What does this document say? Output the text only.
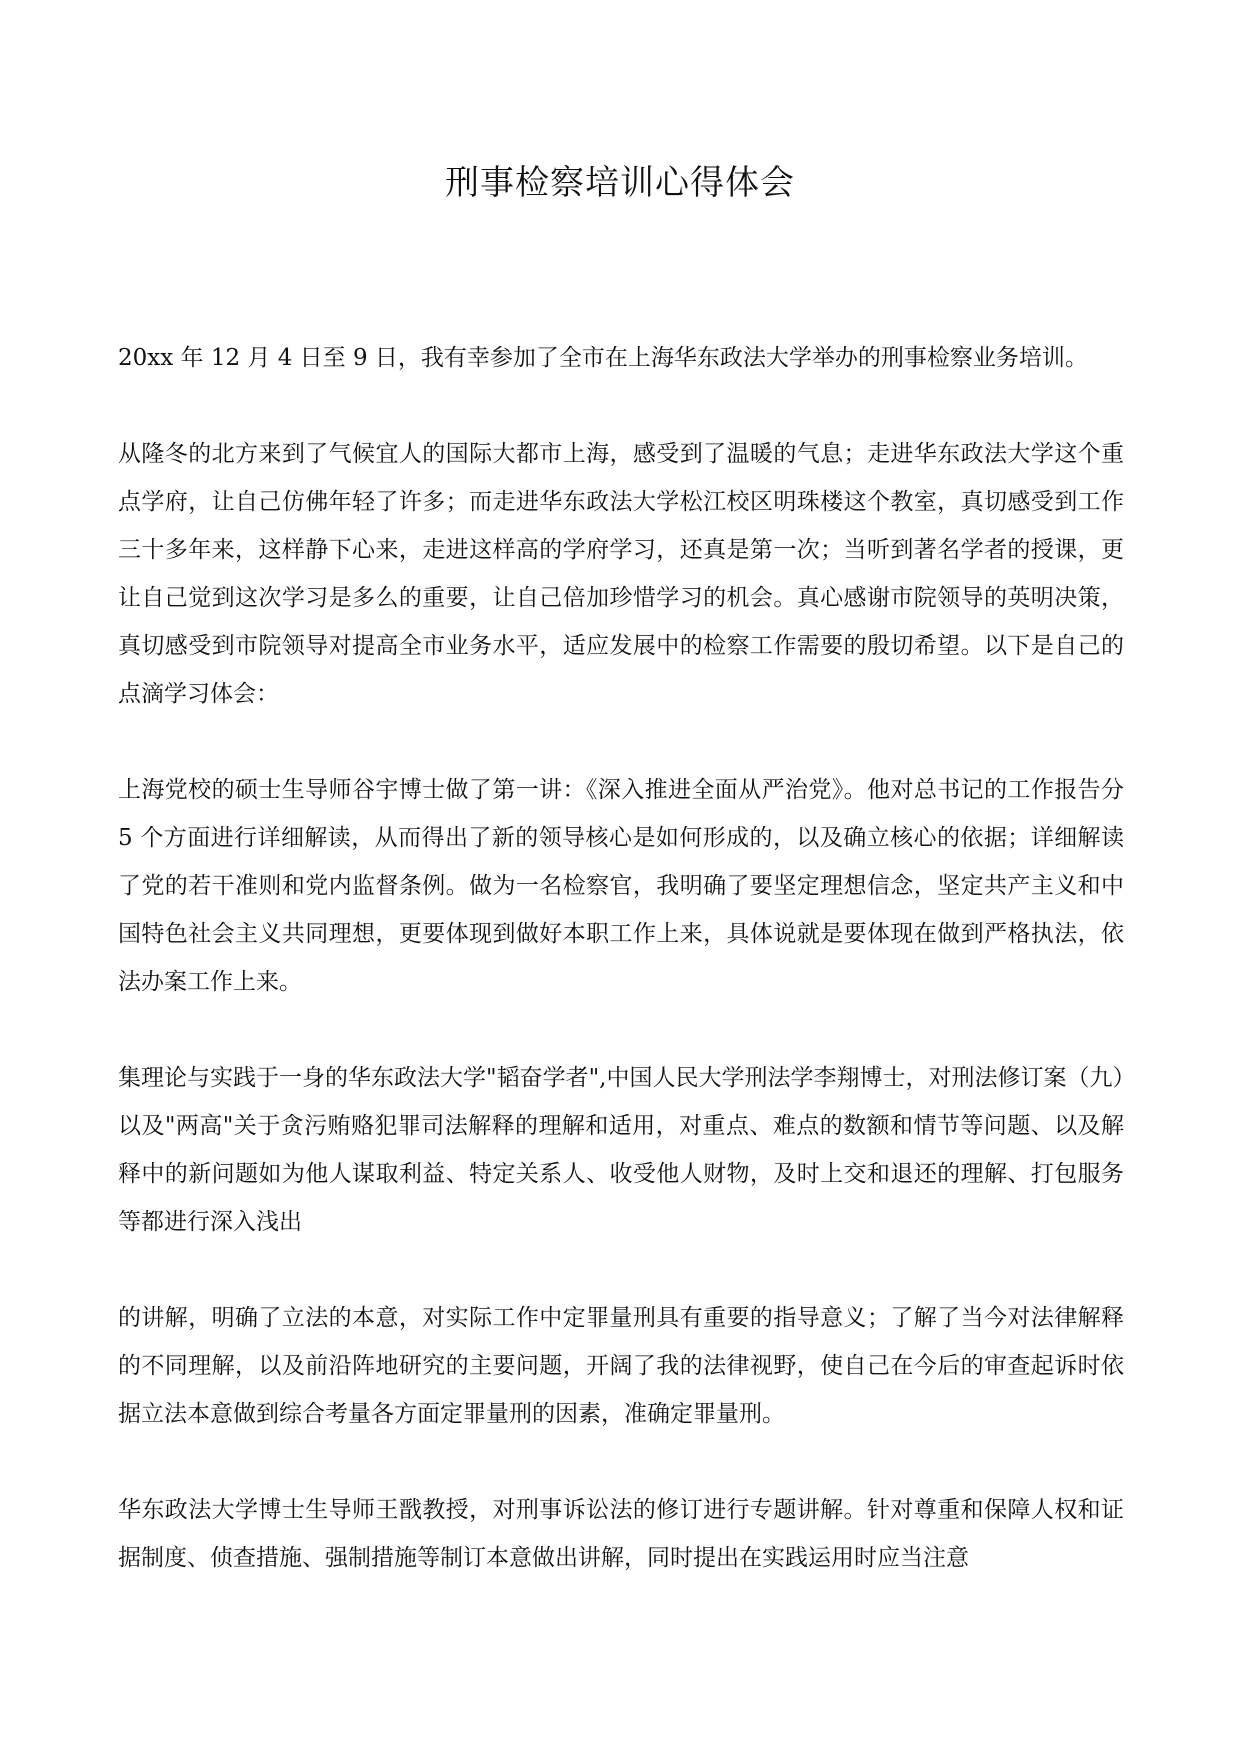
刑事检察培训心得体会

20xx 年 12 月 4 日至 9 日，我有幸参加了全市在上海华东政法大学举办的刑事检察业务培训。

从隆冬的北方来到了气候宜人的国际大都市上海，感受到了温暖的气息；走进华东政法大学这个重点学府，让自己仿佛年轻了许多；而走进华东政法大学松江校区明珠楼这个教室，真切感受到工作三十多年来，这样静下心来，走进这样高的学府学习，还真是第一次；当听到著名学者的授课，更让自己觉到这次学习是多么的重要，让自己倍加珍惜学习的机会。真心感谢市院领导的英明决策，真切感受到市院领导对提高全市业务水平，适应发展中的检察工作需要的殷切希望。以下是自己的点滴学习体会：

上海党校的硕士生导师谷宇博士做了第一讲：《深入推进全面从严治党》。他对总书记的工作报告分 5 个方面进行详细解读，从而得出了新的领导核心是如何形成的，以及确立核心的依据；详细解读了党的若干准则和党内监督条例。做为一名检察官，我明确了要坚定理想信念，坚定共产主义和中国特色社会主义共同理想，更要体现到做好本职工作上来，具体说就是要体现在做到严格执法，依法办案工作上来。

集理论与实践于一身的华东政法大学"韬奋学者",中国人民大学刑法学李翔博士，对刑法修订案（九）以及"两高"关于贪污贿赂犯罪司法解释的理解和适用，对重点、难点的数额和情节等问题、以及解释中的新问题如为他人谋取利益、特定关系人、收受他人财物，及时上交和退还的理解、打包服务等都进行深入浅出

的讲解，明确了立法的本意，对实际工作中定罪量刑具有重要的指导意义；了解了当今对法律解释的不同理解，以及前沿阵地研究的主要问题，开阔了我的法律视野，使自己在今后的审查起诉时依据立法本意做到综合考量各方面定罪量刑的因素，准确定罪量刑。

华东政法大学博士生导师王戬教授，对刑事诉讼法的修订进行专题讲解。针对尊重和保障人权和证据制度、侦查措施、强制措施等制订本意做出讲解，同时提出在实践运用时应当注意
